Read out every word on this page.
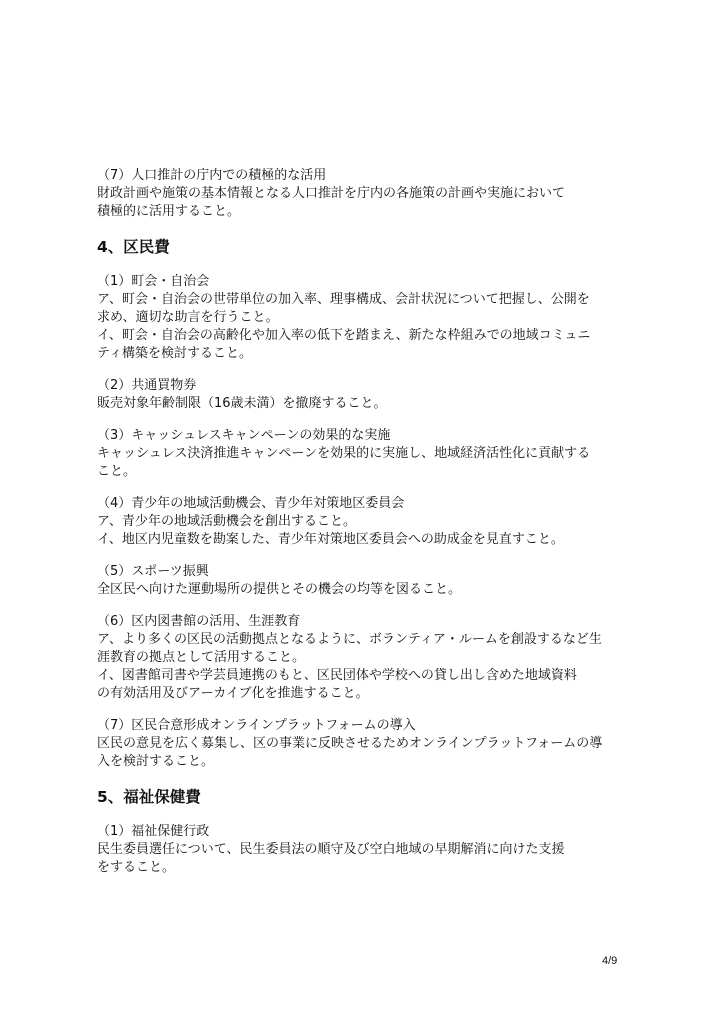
（7）人口推計の庁内での積極的な活用

財政計画や施策の基本情報となる人口推計を庁内の各施策の計画や実施において

積極的に活用すること。

4、区民費

（1）町会・自治会

ア、町会・自治会の世帯単位の加入率、理事構成、会計状況について把握し、公開を

求め、適切な助言を行うこと。

イ、町会・自治会の高齢化や加入率の低下を踏まえ、新たな枠組みでの地域コミュニ

ティ構築を検討すること。

（2）共通買物券

販売対象年齢制限（16歳未満）を撤廃すること。

（3）キャッシュレスキャンペーンの効果的な実施

キャッシュレス決済推進キャンペーンを効果的に実施し、地域経済活性化に貢献する

こと。

（4）青少年の地域活動機会、青少年対策地区委員会

ア、青少年の地域活動機会を創出すること。

イ、地区内児童数を勘案した、青少年対策地区委員会への助成金を見直すこと。

（5）スポーツ振興

全区民へ向けた運動場所の提供とその機会の均等を図ること。

（6）区内図書館の活用、生涯教育

ア、より多くの区民の活動拠点となるように、ボランティア・ルームを創設するなど生

涯教育の拠点として活用すること。

イ、図書館司書や学芸員連携のもと、区民団体や学校への貸し出し含めた地域資料

の有効活用及びアーカイブ化を推進すること。

（7）区民合意形成オンラインプラットフォームの導入

区民の意見を広く募集し、区の事業に反映させるためオンラインプラットフォームの導

入を検討すること。

5、福祉保健費

（1）福祉保健行政

民生委員選任について、民生委員法の順守及び空白地域の早期解消に向けた支援

をすること。

4/9
